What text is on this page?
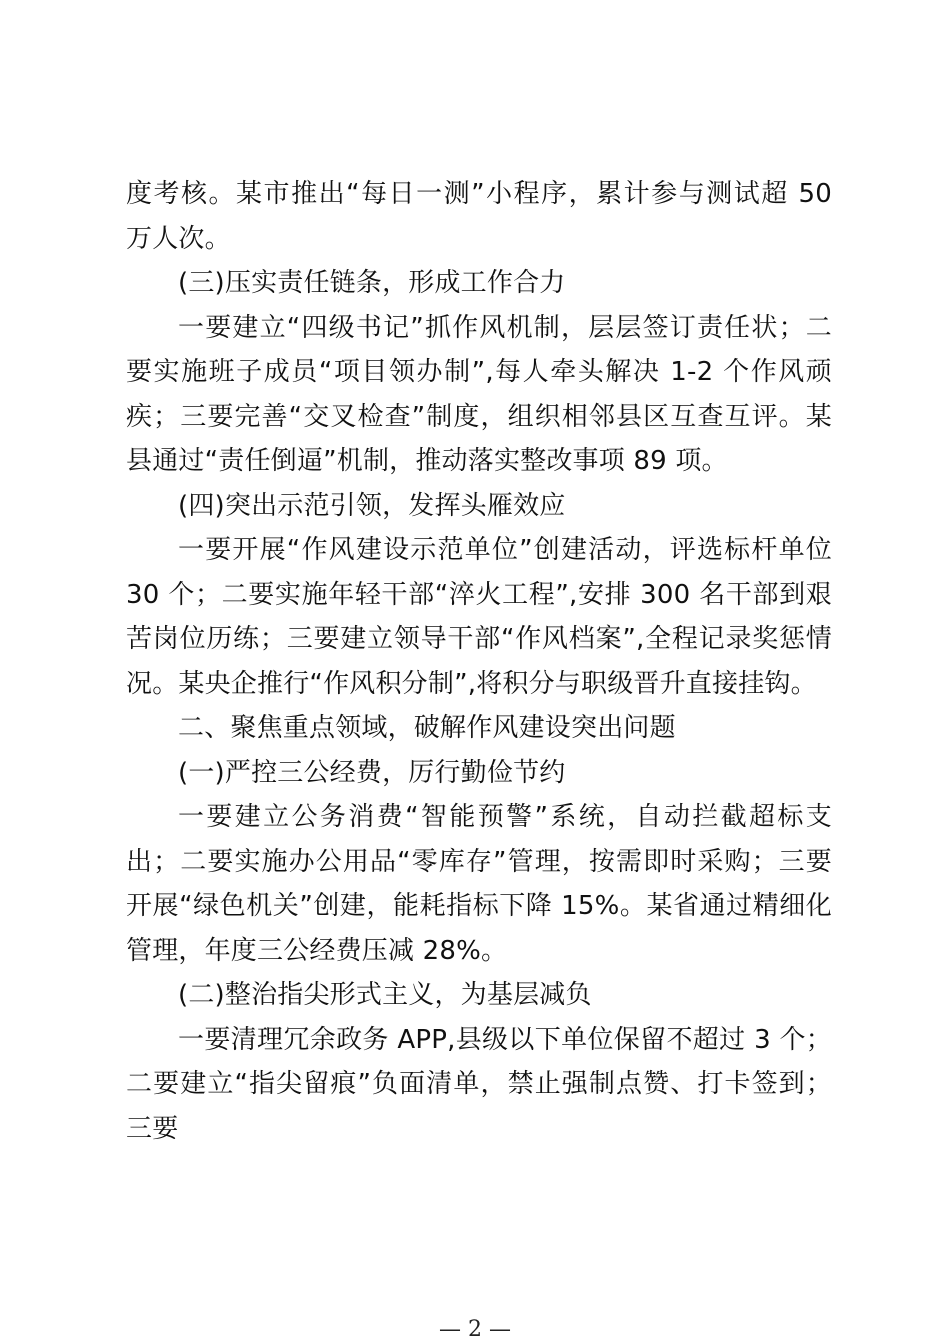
度考核。某市推出“每日一测”小程序，累计参与测试超 50 万人次。

(三)压实责任链条，形成工作合力

一要建立“四级书记”抓作风机制，层层签订责任状；二要实施班子成员“项目领办制”,每人牵头解决 1-2 个作风顽疾；三要完善“交叉检查”制度，组织相邻县区互查互评。某县通过“责任倒逼”机制，推动落实整改事项 89 项。

(四)突出示范引领，发挥头雁效应

一要开展“作风建设示范单位”创建活动，评选标杆单位 30 个；二要实施年轻干部“淬火工程”,安排 300 名干部到艰苦岗位历练；三要建立领导干部“作风档案”,全程记录奖惩情况。某央企推行“作风积分制”,将积分与职级晋升直接挂钩。

二、聚焦重点领域，破解作风建设突出问题

(一)严控三公经费，厉行勤俭节约

一要建立公务消费“智能预警”系统，自动拦截超标支出；二要实施办公用品“零库存”管理，按需即时采购；三要开展“绿色机关”创建，能耗指标下降 15%。某省通过精细化管理，年度三公经费压减 28%。

(二)整治指尖形式主义，为基层减负

一要清理冗余政务 APP,县级以下单位保留不超过 3 个；二要建立“指尖留痕”负面清单，禁止强制点赞、打卡签到；三要

— 2 —
